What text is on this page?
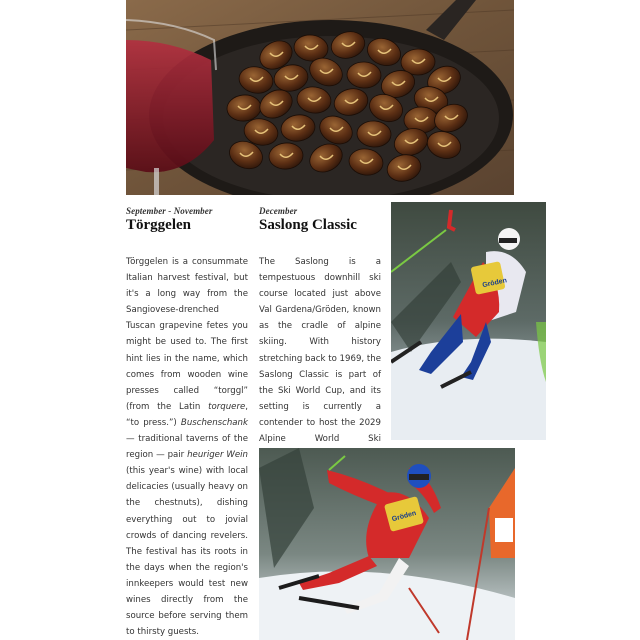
September - November
Törggelen

Törggelen is a consummate Italian harvest festival, but it's a long way from the Sangiovese-drenched Tuscan grapevine fetes you might be used to. The first hint lies in the name, which comes from wooden wine presses called “torggl” (from the Latin torquere, “to press.”) Buschenschank — traditional taverns of the region — pair heuriger Wein (this year's wine) with local delicacies (usually heavy on the chestnuts), dishing everything out to jovial crowds of dancing revelers. The festival has its roots in the days when the region's innkeepers would test new wines directly from the source before serving them to thirsty guests.

December
Saslong Classic

The Saslong is a tempestuous downhill ski course located just above Val Gardena/Gröden, known as the cradle of alpine skiing. With history stretching back to 1969, the Saslong Classic is part of the Ski World Cup, and its setting is currently a contender to host the 2029 Alpine World Ski

Gröden
Gröden
